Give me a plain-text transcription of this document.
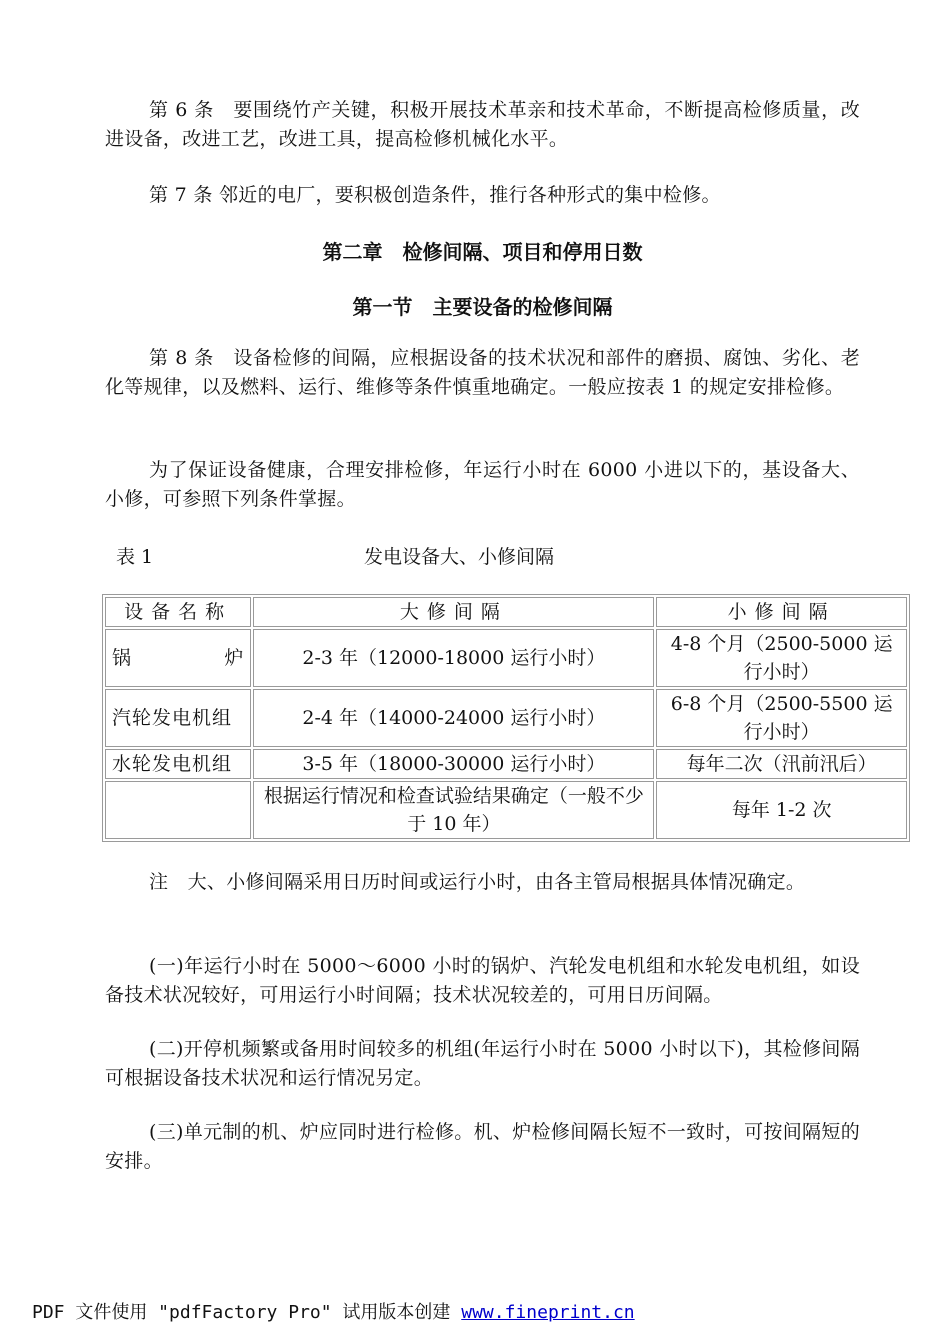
第 6 条　要围绕竹产关键，积极开展技术革亲和技术革命，不断提高检修质量，改进设备，改进工艺，改进工具，提高检修机械化水平。

第 7 条 邻近的电厂，要积极创造条件，推行各种形式的集中检修。

第二章　检修间隔、项目和停用日数
第一节　主要设备的检修间隔

第 8 条　设备检修的间隔，应根据设备的技术状况和部件的磨损、腐蚀、劣化、老化等规律，以及燃料、运行、维修等条件慎重地确定。一般应按表 1 的规定安排检修。

为了保证设备健康，合理安排检修，年运行小时在 6000 小进以下的，基设备大、小修，可参照下列条件掌握。

表 1	发电设备大、小修间隔
设备名称	大修间隔	小修间隔
锅炉	2-3 年（12000-18000 运行小时）	4-8 个月（2500-5000 运行小时）
汽轮发电机组	2-4 年（14000-24000 运行小时）	6-8 个月（2500-5500 运行小时）
水轮发电机组	3-5 年（18000-30000 运行小时）	每年二次（汛前汛后）
	根据运行情况和检查试验结果确定（一般不少于 10 年）	每年 1-2 次

注　大、小修间隔采用日历时间或运行小时，由各主管局根据具体情况确定。

(一)年运行小时在 5000～6000 小时的锅炉、汽轮发电机组和水轮发电机组，如设备技术状况较好，可用运行小时间隔；技术状况较差的，可用日历间隔。

(二)开停机频繁或备用时间较多的机组(年运行小时在 5000 小时以下)，其检修间隔可根据设备技术状况和运行情况另定。

(三)单元制的机、炉应同时进行检修。机、炉检修间隔长短不一致时，可按间隔短的安排。

PDF 文件使用 "pdfFactory Pro" 试用版本创建 www.fineprint.cn
